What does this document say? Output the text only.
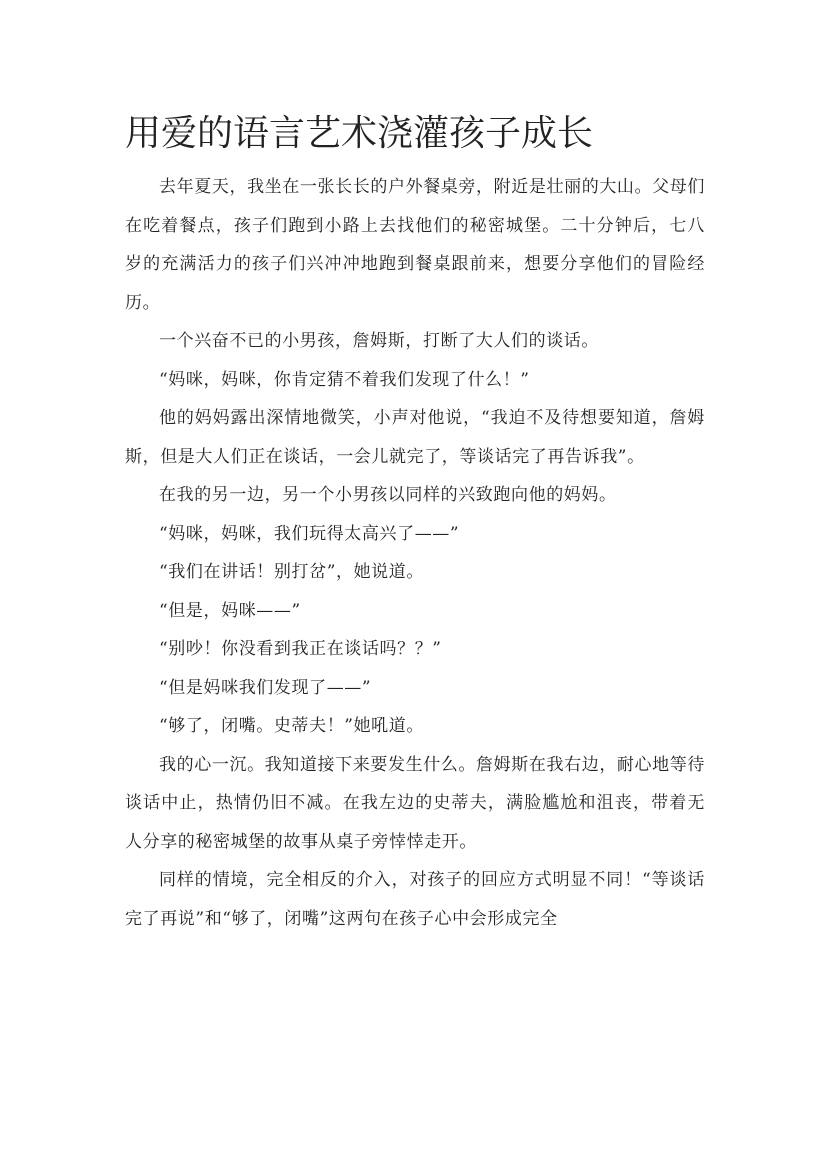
用爱的语言艺术浇灌孩子成长

去年夏天，我坐在一张长长的户外餐桌旁，附近是壮丽的大山。父母们在吃着餐点，孩子们跑到小路上去找他们的秘密城堡。二十分钟后，七八岁的充满活力的孩子们兴冲冲地跑到餐桌跟前来，想要分享他们的冒险经历。

一个兴奋不已的小男孩，詹姆斯，打断了大人们的谈话。

“妈咪，妈咪，你肯定猜不着我们发现了什么！”

他的妈妈露出深情地微笑，小声对他说，“我迫不及待想要知道，詹姆斯，但是大人们正在谈话，一会儿就完了，等谈话完了再告诉我”。

在我的另一边，另一个小男孩以同样的兴致跑向他的妈妈。

“妈咪，妈咪，我们玩得太高兴了——”

“我们在讲话！别打岔”，她说道。

“但是，妈咪——”

“别吵！你没看到我正在谈话吗？？”

“但是妈咪我们发现了——”

“够了，闭嘴。史蒂夫！”她吼道。

我的心一沉。我知道接下来要发生什么。詹姆斯在我右边，耐心地等待谈话中止，热情仍旧不减。在我左边的史蒂夫，满脸尴尬和沮丧，带着无人分享的秘密城堡的故事从桌子旁悻悻走开。

同样的情境，完全相反的介入，对孩子的回应方式明显不同！“等谈话完了再说”和“够了，闭嘴”这两句在孩子心中会形成完全
